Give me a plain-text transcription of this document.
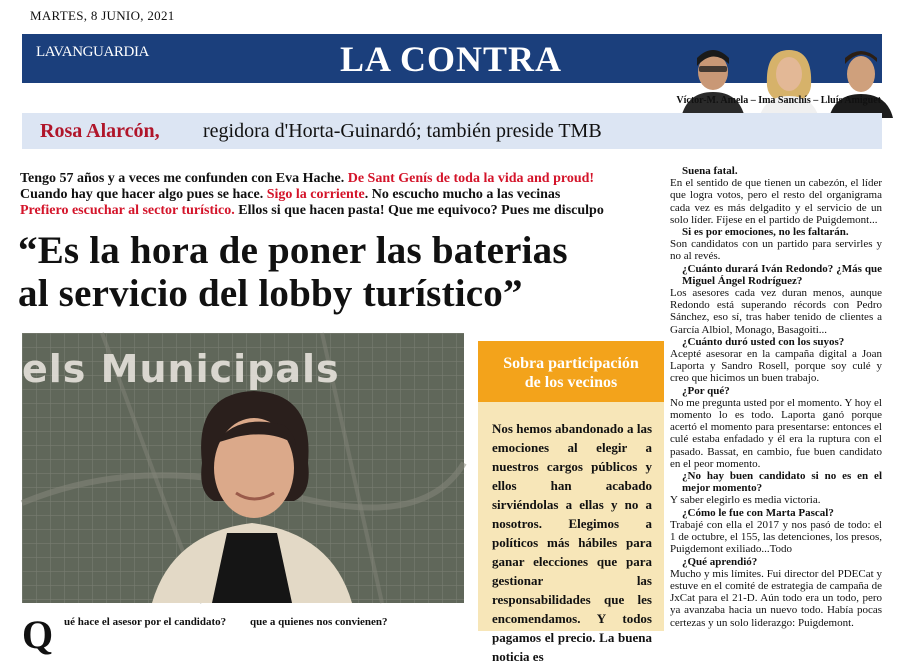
MARTES, 8 JUNIO, 2021
LAVANGUARDIA	LA CONTRA
Víctor-M. Amela – Ima Sanchís – Lluís Amiguet
Rosa Alarcón, regidora d'Horta-Guinardó; también preside TMB
Tengo 57 años y a veces me confunden con Eva Hache. De Sant Genís de toda la vida and proud!
Cuando hay que hacer algo pues se hace. Sigo la corriente. No escucho mucho a las vecinas
Prefiero escuchar al sector turístico. Ellos si que hacen pasta! Que me equivoco? Pues me disculpo
“Es la hora de poner las baterias
al servicio del lobby turístico”
els Municipals	Sobra participación
de los vecinos
Nos hemos abandonado a las emociones al elegir a nuestros cargos públicos y ellos han acabado sirviéndolas a ellas y no a nosotros. Elegimos a políticos más hábiles para ganar elecciones que para gestionar las responsabilidades que les encomendamos. Y todos pagamos el precio. La buena noticia es
Suena fatal.
En el sentido de que tienen un cabezón, el líder que logra votos, pero el resto del organigrama cada vez es más delgadito y el servicio de un solo líder. Fíjese en el partido de Puigdemont...
Si es por emociones, no les faltarán.
Son candidatos con un partido para servirles y no al revés.
¿Cuánto durará Iván Redondo? ¿Más que Miguel Ángel Rodríguez?
Los asesores cada vez duran menos, aunque Redondo está superando récords con Pedro Sánchez, eso sí, tras haber tenido de clientes a García Albiol, Monago, Basagoiti...
¿Cuánto duró usted con los suyos?
Acepté asesorar en la campaña digital a Joan Laporta y Sandro Rosell, porque soy culé y creo que hicimos un buen trabajo.
¿Por qué?
No me pregunta usted por el momento. Y hoy el momento lo es todo. Laporta ganó porque acertó el momento para presentarse: entonces el culé estaba enfadado y él era la ruptura con el pasado. Bassat, en cambio, fue buen candidato en el peor momento.
¿No hay buen candidato si no es en el mejor momento?
Y saber elegirlo es media victoria.
¿Cómo le fue con Marta Pascal?
Trabajé con ella el 2017 y nos pasó de todo: el 1 de octubre, el 155, las detenciones, los presos, Puigdemont exiliado...Todo
¿Qué aprendió?
Mucho y mis límites. Fui director del PDECat y estuve en el comité de estrategia de campaña de JxCat para el 21-D. Aún todo era un todo, pero ya avanzaba hacia un nuevo todo. Había pocas certezas y un solo liderazgo: Puigdemont.
Q ué hace el asesor por el candidato? que a quienes nos convienen?
